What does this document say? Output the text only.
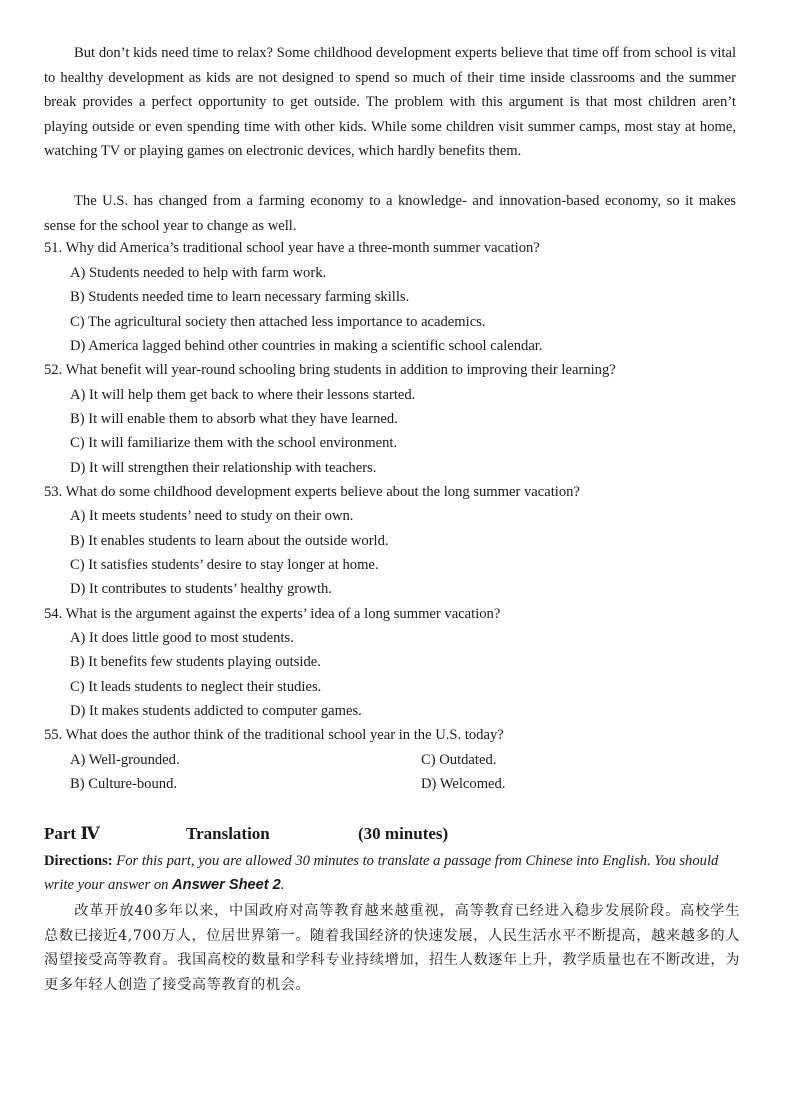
But don’t kids need time to relax? Some childhood development experts believe that time off from school is vital to healthy development as kids are not designed to spend so much of their time inside classrooms and the summer break provides a perfect opportunity to get outside. The problem with this argument is that most children aren’t playing outside or even spending time with other kids. While some children visit summer camps, most stay at home, watching TV or playing games on electronic devices, which hardly benefits them.
The U.S. has changed from a farming economy to a knowledge- and innovation-based economy, so it makes sense for the school year to change as well.
51. Why did America’s traditional school year have a three-month summer vacation?
A) Students needed to help with farm work.
B) Students needed time to learn necessary farming skills.
C) The agricultural society then attached less importance to academics.
D) America lagged behind other countries in making a scientific school calendar.
52. What benefit will year-round schooling bring students in addition to improving their learning?
A) It will help them get back to where their lessons started.
B) It will enable them to absorb what they have learned.
C) It will familiarize them with the school environment.
D) It will strengthen their relationship with teachers.
53. What do some childhood development experts believe about the long summer vacation?
A) It meets students’ need to study on their own.
B) It enables students to learn about the outside world.
C) It satisfies students’ desire to stay longer at home.
D) It contributes to students’ healthy growth.
54. What is the argument against the experts’ idea of a long summer vacation?
A) It does little good to most students.
B) It benefits few students playing outside.
C) It leads students to neglect their studies.
D) It makes students addicted to computer games.
55. What does the author think of the traditional school year in the U.S. today?
A) Well-grounded.	C) Outdated.
B) Culture-bound.	D) Welcomed.
Part Ⅳ	Translation	(30 minutes)
Directions: For this part, you are allowed 30 minutes to translate a passage from Chinese into English. You should write your answer on Answer Sheet 2.
改革开放40多年以来，中国政府对高等教育越来越重视，高等教育已经进入稳步发展阶段。高校学生总数已接近4,700万人，位居世界第一。随着我国经济的快速发展，人民生活水平不断提高，越来越多的人渴望接受高等教育。我国高校的数量和学科专业持续增加，招生人数逐年上升，教学质量也在不断改进，为更多年轻人创造了接受高等教育的机会。
